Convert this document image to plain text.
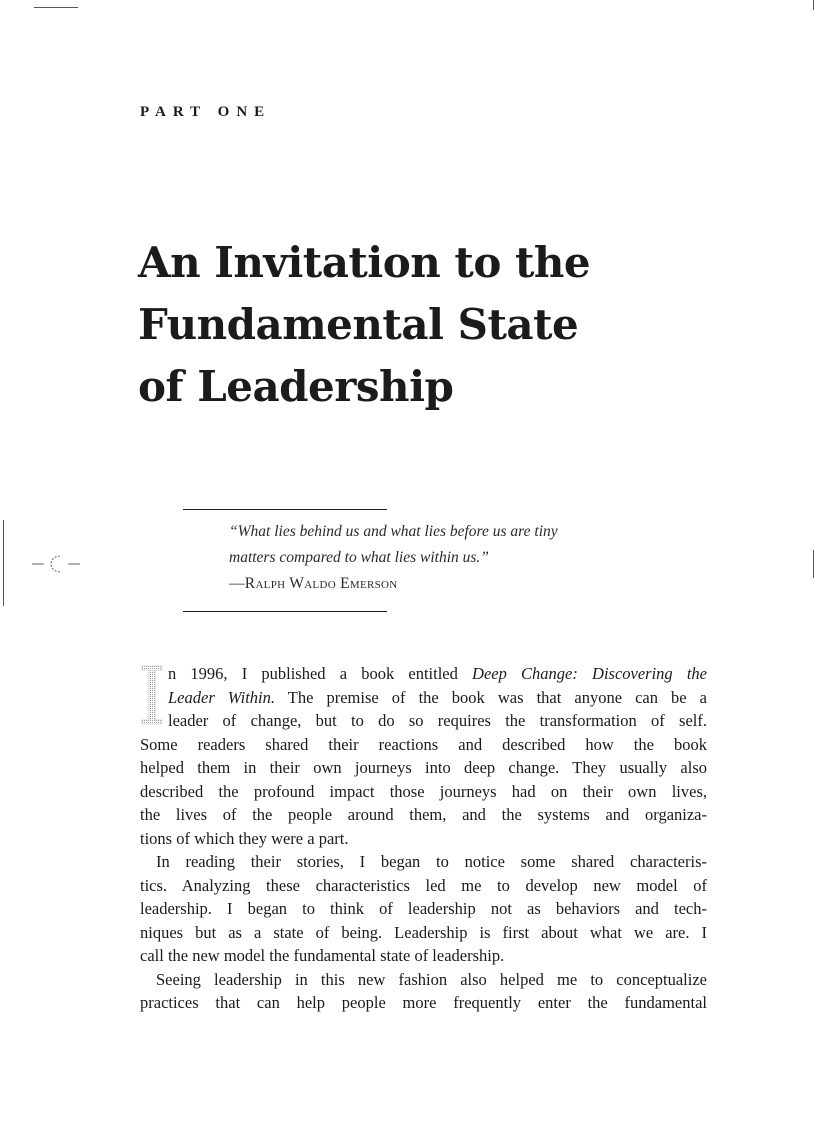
PART ONE
An Invitation to the
Fundamental State
of Leadership
“What lies behind us and what lies before us are tiny
matters compared to what lies within us.”
—Ralph Waldo Emerson
n 1996, I published a book entitled Deep Change: Discovering the
Leader Within. The premise of the book was that anyone can be a
leader of change, but to do so requires the transformation of self.
Some readers shared their reactions and described how the book
helped them in their own journeys into deep change. They usually also
described the profound impact those journeys had on their own lives,
the lives of the people around them, and the systems and organiza-
tions of which they were a part.
In reading their stories, I began to notice some shared characteris-
tics. Analyzing these characteristics led me to develop new model of
leadership. I began to think of leadership not as behaviors and tech-
niques but as a state of being. Leadership is first about what we are. I
call the new model the fundamental state of leadership.
Seeing leadership in this new fashion also helped me to conceptualize
practices that can help people more frequently enter the fundamental
